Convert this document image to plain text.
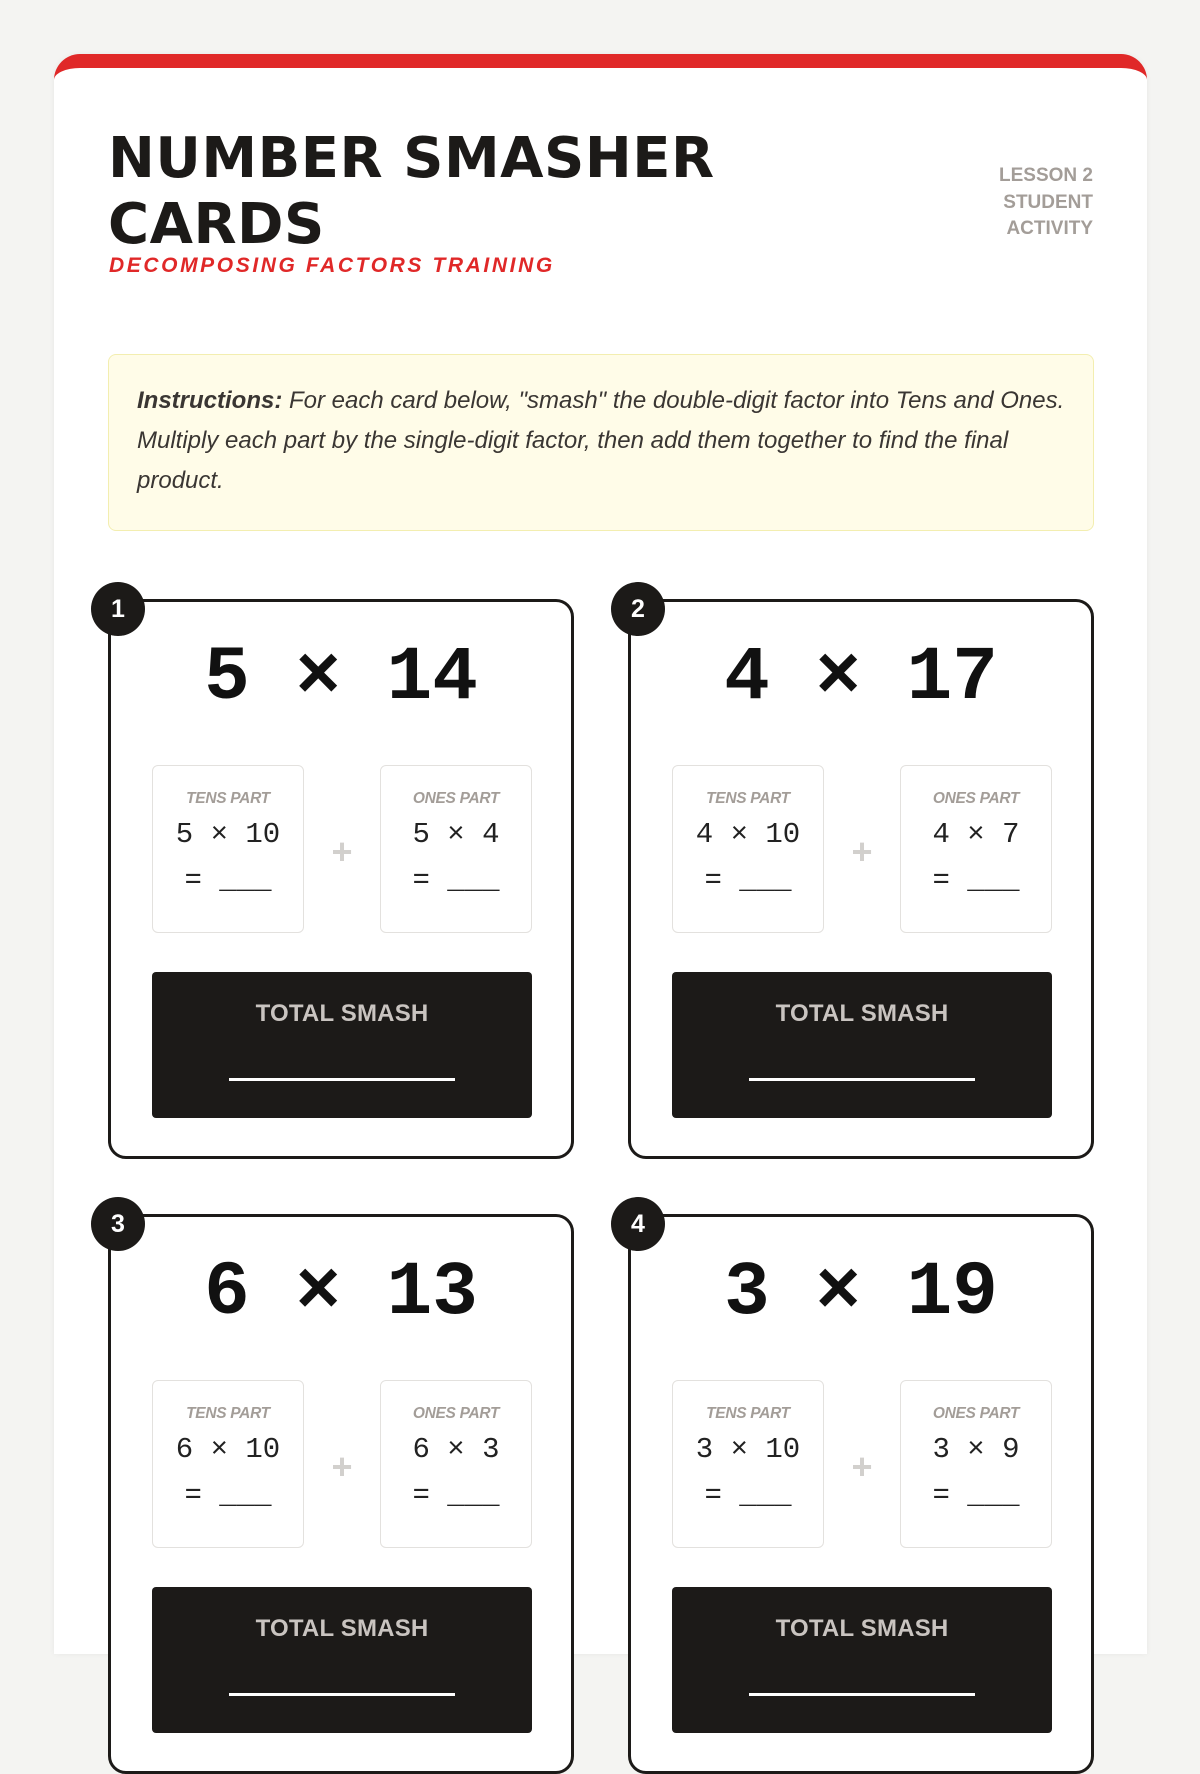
NUMBER SMASHER CARDS
DECOMPOSING FACTORS TRAINING
LESSON 2
STUDENT
ACTIVITY
Instructions: For each card below, "smash" the double-digit factor into Tens and Ones. Multiply each part by the single-digit factor, then add them together to find the final product.
1
5 × 14
TENS PART
5 × 10
= ___
+
ONES PART
5 × 4
= ___
TOTAL SMASH
2
4 × 17
TENS PART
4 × 10
= ___
+
ONES PART
4 × 7
= ___
TOTAL SMASH
3
6 × 13
TENS PART
6 × 10
= ___
+
ONES PART
6 × 3
= ___
TOTAL SMASH
4
3 × 19
TENS PART
3 × 10
= ___
+
ONES PART
3 × 9
= ___
TOTAL SMASH
